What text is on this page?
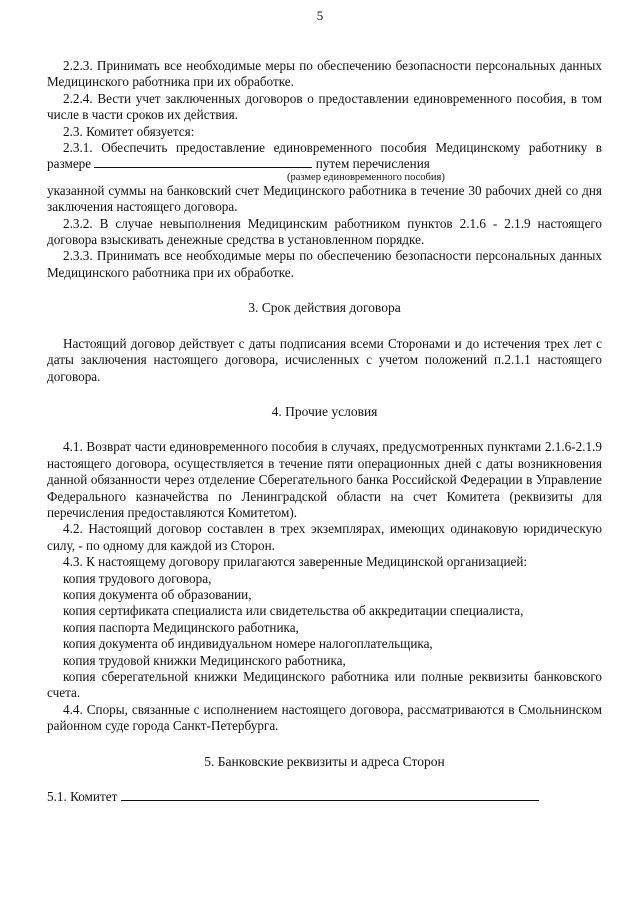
5

2.2.3. Принимать все необходимые меры по обеспечению безопасности персональных данных Медицинского работника при их обработке.

2.2.4. Вести учет заключенных договоров о предоставлении единовременного пособия, в том числе в части сроков их действия.

2.3. Комитет обязуется:

2.3.1. Обеспечить предоставление единовременного пособия Медицинскому работнику в размере	путем перечисления

(размер единовременного пособия)

указанной суммы на банковский счет Медицинского работника в течение 30 рабочих дней со дня заключения настоящего договора.

2.3.2. В случае невыполнения Медицинским работником пунктов 2.1.6 - 2.1.9 настоящего договора взыскивать денежные средства в установленном порядке.

2.3.3. Принимать все необходимые меры по обеспечению безопасности персональных данных Медицинского работника при их обработке.

3. Срок действия договора

Настоящий договор действует с даты подписания всеми Сторонами и до истечения трех лет с даты заключения настоящего договора, исчисленных с учетом положений п.2.1.1 настоящего договора.

4. Прочие условия

4.1. Возврат части единовременного пособия в случаях, предусмотренных пунктами 2.1.6-2.1.9 настоящего договора, осуществляется в течение пяти операционных дней с даты возникновения данной обязанности через отделение Сберегательного банка Российской Федерации в Управление Федерального казначейства по Ленинградской области на счет Комитета (реквизиты для перечисления предоставляются Комитетом).

4.2. Настоящий договор составлен в трех экземплярах, имеющих одинаковую юридическую силу, - по одному для каждой из Сторон.

4.3. К настоящему договору прилагаются заверенные Медицинской организацией:

копия трудового договора,

копия документа об образовании,

копия сертификата специалиста или свидетельства об аккредитации специалиста,

копия паспорта Медицинского работника,

копия документа об индивидуальном номере налогоплательщика,

копия трудовой книжки Медицинского работника,

копия сберегательной книжки Медицинского работника или полные реквизиты банковского счета.

4.4. Споры, связанные с исполнением настоящего договора, рассматриваются в Смольнинском районном суде города Санкт-Петербурга.

5. Банковские реквизиты и адреса Сторон

5.1. Комитет
